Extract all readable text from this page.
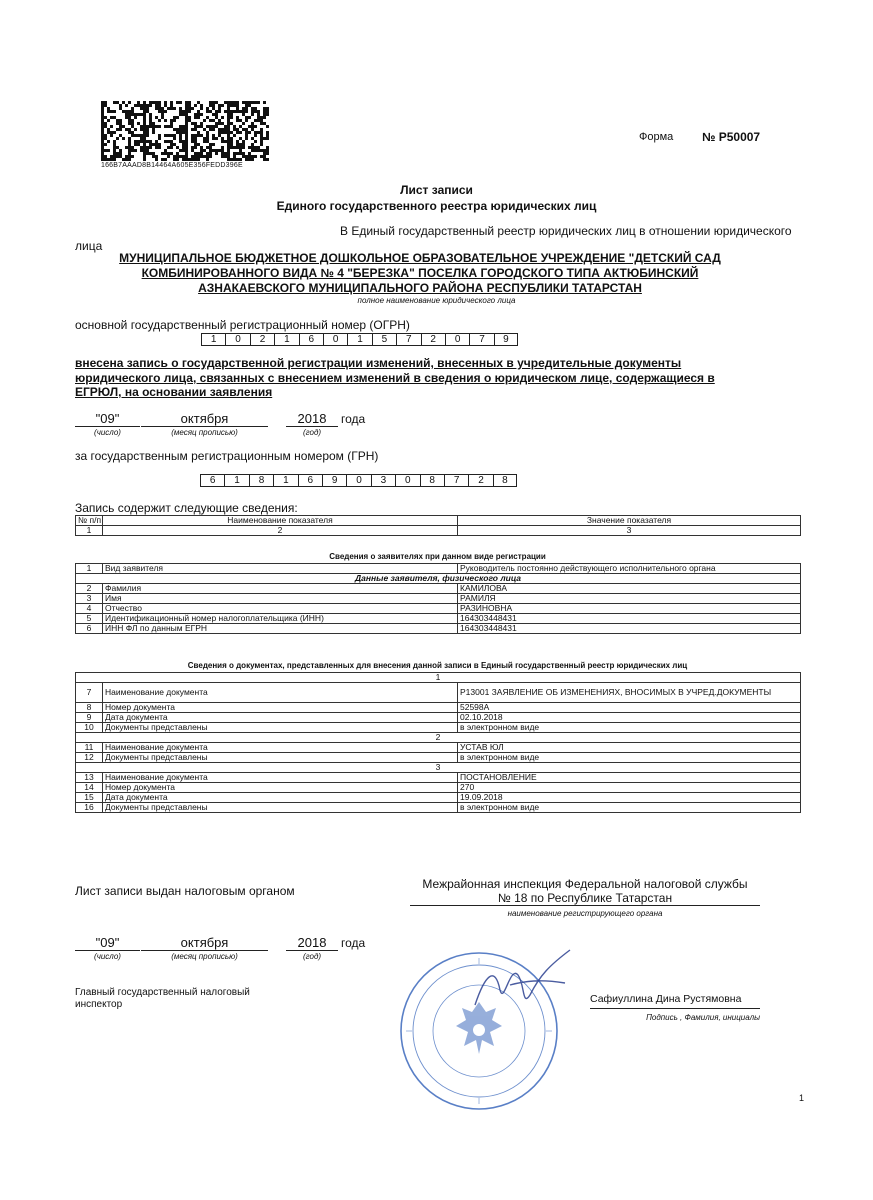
166B7AAAD8B14464A605E356FEDD396E
Форма № Р50007
Лист записи
Единого государственного реестра юридических лиц
В Единый государственный реестр юридических лиц в отношении юридического
лица
МУНИЦИПАЛЬНОЕ БЮДЖЕТНОЕ ДОШКОЛЬНОЕ ОБРАЗОВАТЕЛЬНОЕ УЧРЕЖДЕНИЕ "ДЕТСКИЙ САД
КОМБИНИРОВАННОГО ВИДА № 4 "БЕРЕЗКА" ПОСЕЛКА ГОРОДСКОГО ТИПА АКТЮБИНСКИЙ
АЗНАКАЕВСКОГО МУНИЦИПАЛЬНОГО РАЙОНА РЕСПУБЛИКИ ТАТАРСТАН
полное наименование юридического лица
основной государственный регистрационный номер (ОГРН)
1	0	2	1	6	0	1	5	7	2	0	7	9
внесена запись о государственной регистрации изменений, внесенных в учредительные документы
юридического лица, связанных с внесением изменений в сведения о юридическом лице, содержащиеся в
ЕГРЮЛ, на основании заявления
"09"
(число)
октября
(месяц прописью)
2018
(год)
года
за государственным регистрационным номером (ГРН)
6	1	8	1	6	9	0	3	0	8	7	2	8
Запись содержит следующие сведения:
№ п/п	Наименование показателя	Значение показателя
1	2	3
Сведения о заявителях при данном виде регистрации
1	Вид заявителя	Руководитель постоянно действующего исполнительного органа
Данные заявителя, физического лица		
2	Фамилия	КАМИЛОВА
3	Имя	РАМИЛЯ
4	Отчество	РАЗИНОВНА
5	Идентификационный номер налогоплательщика (ИНН)	164303448431
6	ИНН ФЛ по данным ЕГРН	164303448431
Сведения о документах, представленных для внесения данной записи в Единый государственный реестр юридических лиц
1		
7	Наименование документа	Р13001 ЗАЯВЛЕНИЕ ОБ ИЗМЕНЕНИЯХ, ВНОСИМЫХ В УЧРЕД.ДОКУМЕНТЫ
8	Номер документа	52598A
9	Дата документа	02.10.2018
10	Документы представлены	в электронном виде
2		
11	Наименование документа	УСТАВ ЮЛ
12	Документы представлены	в электронном виде
3		
13	Наименование документа	ПОСТАНОВЛЕНИЕ
14	Номер документа	270
15	Дата документа	19.09.2018
16	Документы представлены	в электронном виде
Лист записи выдан налоговым органом	Межрайонная инспекция Федеральной налоговой службы
№ 18 по Республике Татарстан
наименование регистрирующего органа
"09"
(число)
октября
(месяц прописью)
2018
(год)
года
Главный государственный налоговый
инспектор	Сафиуллина Дина Рустямовна
Подпись , Фамилия, инициалы
1
